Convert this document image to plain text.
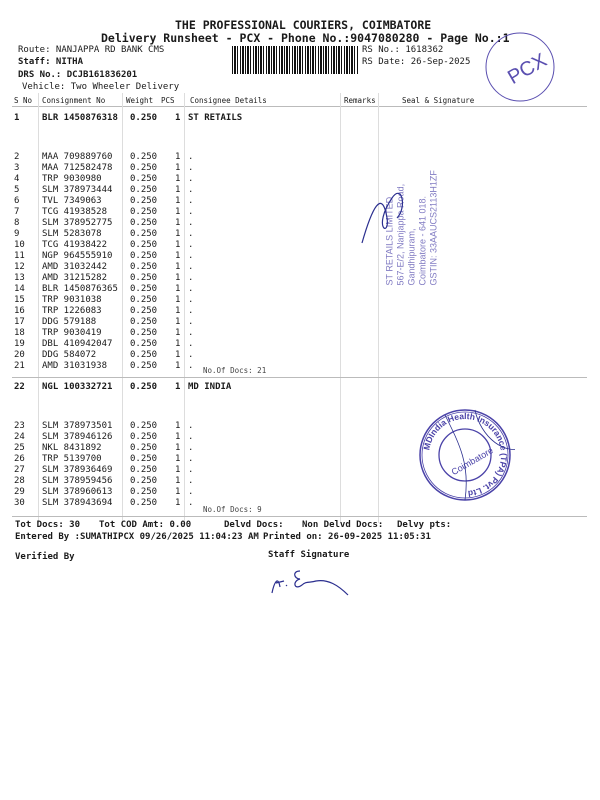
THE PROFESSIONAL COURIERS, COIMBATORE
Delivery Runsheet - PCX - Phone No.:9047080280 - Page No.:1
Route: NANJAPPA RD BANK CMS
Staff: NITHA
DRS No.: DCJB161836201
Vehicle: Two Wheeler Delivery
RS No.: 1618362
RS Date: 26-Sep-2025 PCX
S No Consignment No	Weight PCS Consignee Details	Remarks	Seal & Signature
1	BLR 1450876318 0.250 1 ST RETAILS
2	MAA 709889760 0.250 1 .
3	MAA 712582478 0.250 1 .
4	TRP 9030980	0.250 1 .
5	SLM 378973444 0.250 1 .
6	TVL 7349063	0.250 1 .
7	TCG 41938528	0.250 1 .
8	SLM 378952775 0.250 1 .
9	SLM 5283078	0.250 1 .
10 TCG 41938422	0.250 1 .
11 NGP 964555910 0.250 1 .
12 AMD 31032442	0.250 1 .
13 AMD 31215282	0.250 1 .
14 BLR 1450876365 0.250 1 .
15 TRP 9031038	0.250 1 .
16 TRP 1226083	0.250 1 .
17 DDG 579188	0.250 1 .
18 TRP 9030419	0.250 1 .
19 DBL 410942047 0.250 1 .
20 DDG 584072	0.250 1 .
21 AMD 31031938	0.250 1 . No.Of Docs: 21
22 NGL 100332721 0.250 1 MD INDIA
23 SLM 378973501 0.250 1 .
24 SLM 378946126 0.250 1 .
25 NKL 8431892	0.250 1 .
26 TRP 5139700	0.250 1 .
27 SLM 378936469 0.250 1 .
28 SLM 378959456 0.250 1 .
29 SLM 378960613 0.250 1 .
30 SLM 378943694 0.250 1 .
No.Of Docs: 9
ST RETAILS LIMITED 567-E/2, Nanjappa Road, Gandhipuram, Coimbatore - 641 018. GSTIN: 33AAUCS2113H1ZF
MDIndia Health Insurance (TPA) Pvt. Ltd
Coimbatore
Tot Docs: 30 Tot COD Amt: 0.00	Delvd Docs: Non Delvd Docs: Delvy pts:
Entered By :SUMATHIPCX 09/26/2025 11:04:23 AM Printed on: 26-09-2025 11:05:31
Verified By	Staff Signature
